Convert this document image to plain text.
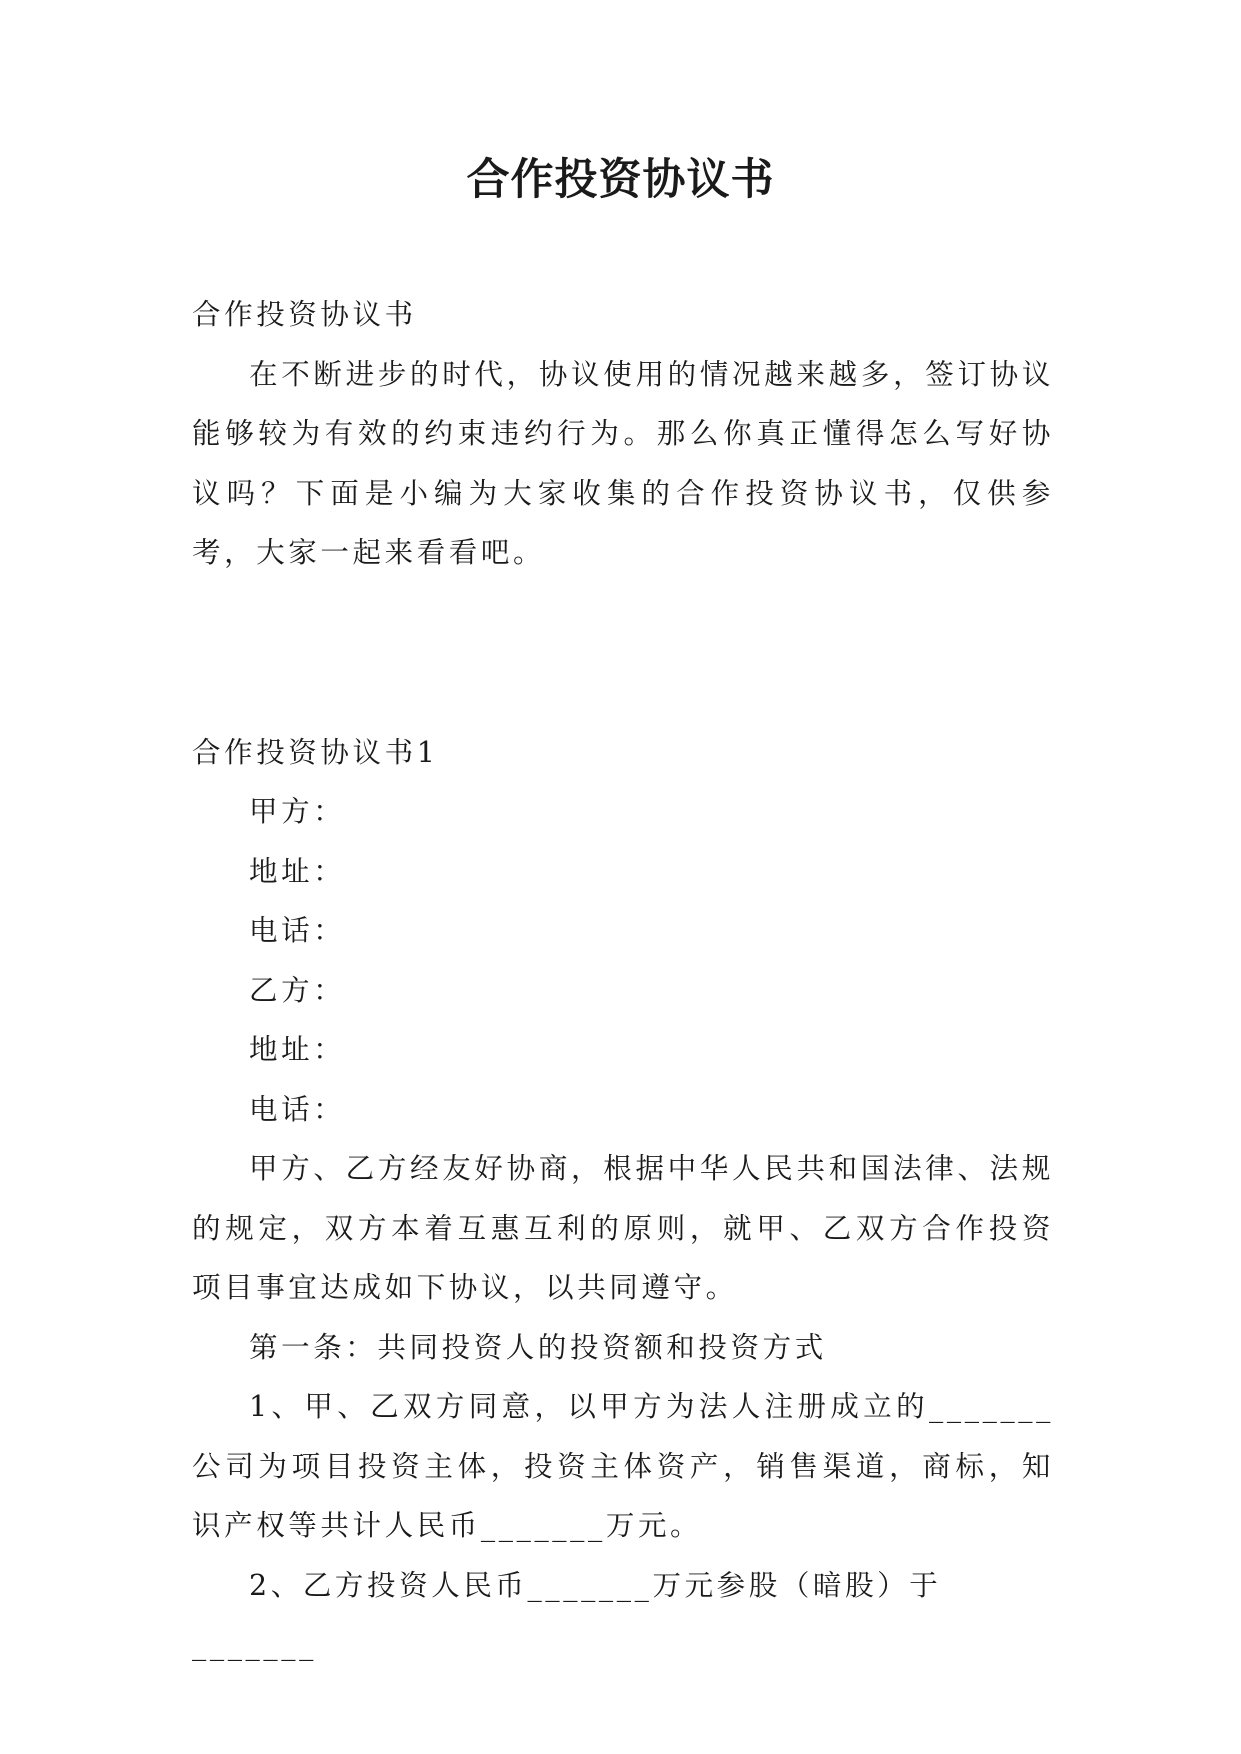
合作投资协议书

合作投资协议书

在不断进步的时代，协议使用的情况越来越多，签订协议能够较为有效的约束违约行为。那么你真正懂得怎么写好协议吗？下面是小编为大家收集的合作投资协议书，仅供参考，大家一起来看看吧。

合作投资协议书1

甲方：

地址：

电话：

乙方：

地址：

电话：

甲方、乙方经友好协商，根据中华人民共和国法律、法规的规定，双方本着互惠互利的原则，就甲、乙双方合作投资项目事宜达成如下协议，以共同遵守。

第一条：共同投资人的投资额和投资方式

1、甲、乙双方同意，以甲方为法人注册成立的_______公司为项目投资主体，投资主体资产，销售渠道，商标，知识产权等共计人民币_______万元。

2、乙方投资人民币_______万元参股（暗股）于_______
